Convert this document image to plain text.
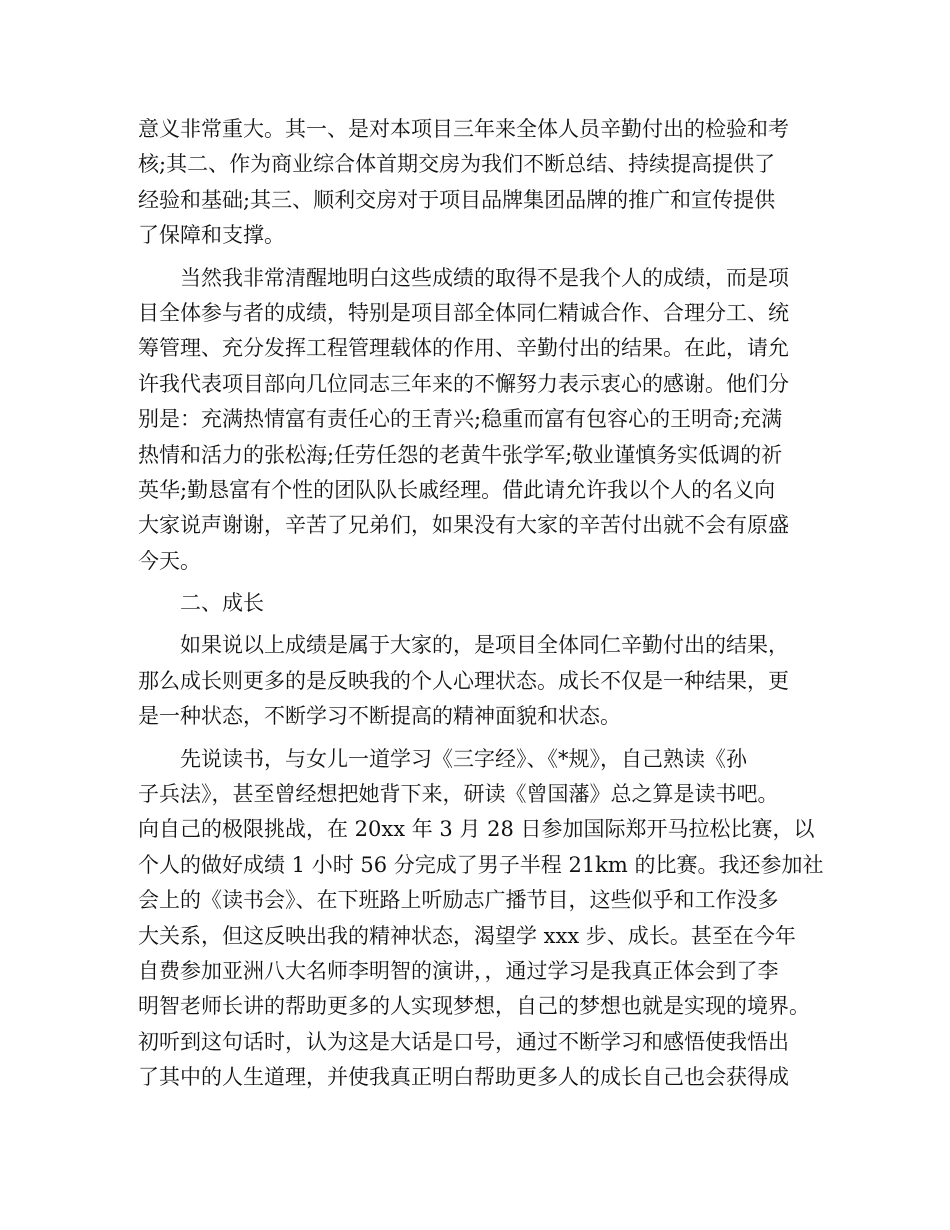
意义非常重大。其一、是对本项目三年来全体人员辛勤付出的检验和考
核;其二、作为商业综合体首期交房为我们不断总结、持续提高提供了
经验和基础;其三、顺利交房对于项目品牌集团品牌的推广和宣传提供
了保障和支撑。
　　当然我非常清醒地明白这些成绩的取得不是我个人的成绩，而是项
目全体参与者的成绩，特别是项目部全体同仁精诚合作、合理分工、统
筹管理、充分发挥工程管理载体的作用、辛勤付出的结果。在此，请允
许我代表项目部向几位同志三年来的不懈努力表示衷心的感谢。他们分
别是：充满热情富有责任心的王青兴;稳重而富有包容心的王明奇;充满
热情和活力的张松海;任劳任怨的老黄牛张学军;敬业谨慎务实低调的祈
英华;勤恳富有个性的团队队长戚经理。借此请允许我以个人的名义向
大家说声谢谢，辛苦了兄弟们，如果没有大家的辛苦付出就不会有原盛
今天。
　　二、成长
　　如果说以上成绩是属于大家的，是项目全体同仁辛勤付出的结果，
那么成长则更多的是反映我的个人心理状态。成长不仅是一种结果，更
是一种状态，不断学习不断提高的精神面貌和状态。
　　先说读书，与女儿一道学习《三字经》、《*规》，自己熟读《孙
子兵法》，甚至曾经想把她背下来，研读《曾国藩》总之算是读书吧。
向自己的极限挑战，在 20xx 年 3 月 28 日参加国际郑开马拉松比赛，以
个人的做好成绩 1 小时 56 分完成了男子半程 21km 的比赛。我还参加社
会上的《读书会》、在下班路上听励志广播节目，这些似乎和工作没多
大关系，但这反映出我的精神状态，渴望学 xxx 步、成长。甚至在今年
自费参加亚洲八大名师李明智的演讲，，通过学习是我真正体会到了李
明智老师长讲的帮助更多的人实现梦想，自己的梦想也就是实现的境界。
初听到这句话时，认为这是大话是口号，通过不断学习和感悟使我悟出
了其中的人生道理，并使我真正明白帮助更多人的成长自己也会获得成
